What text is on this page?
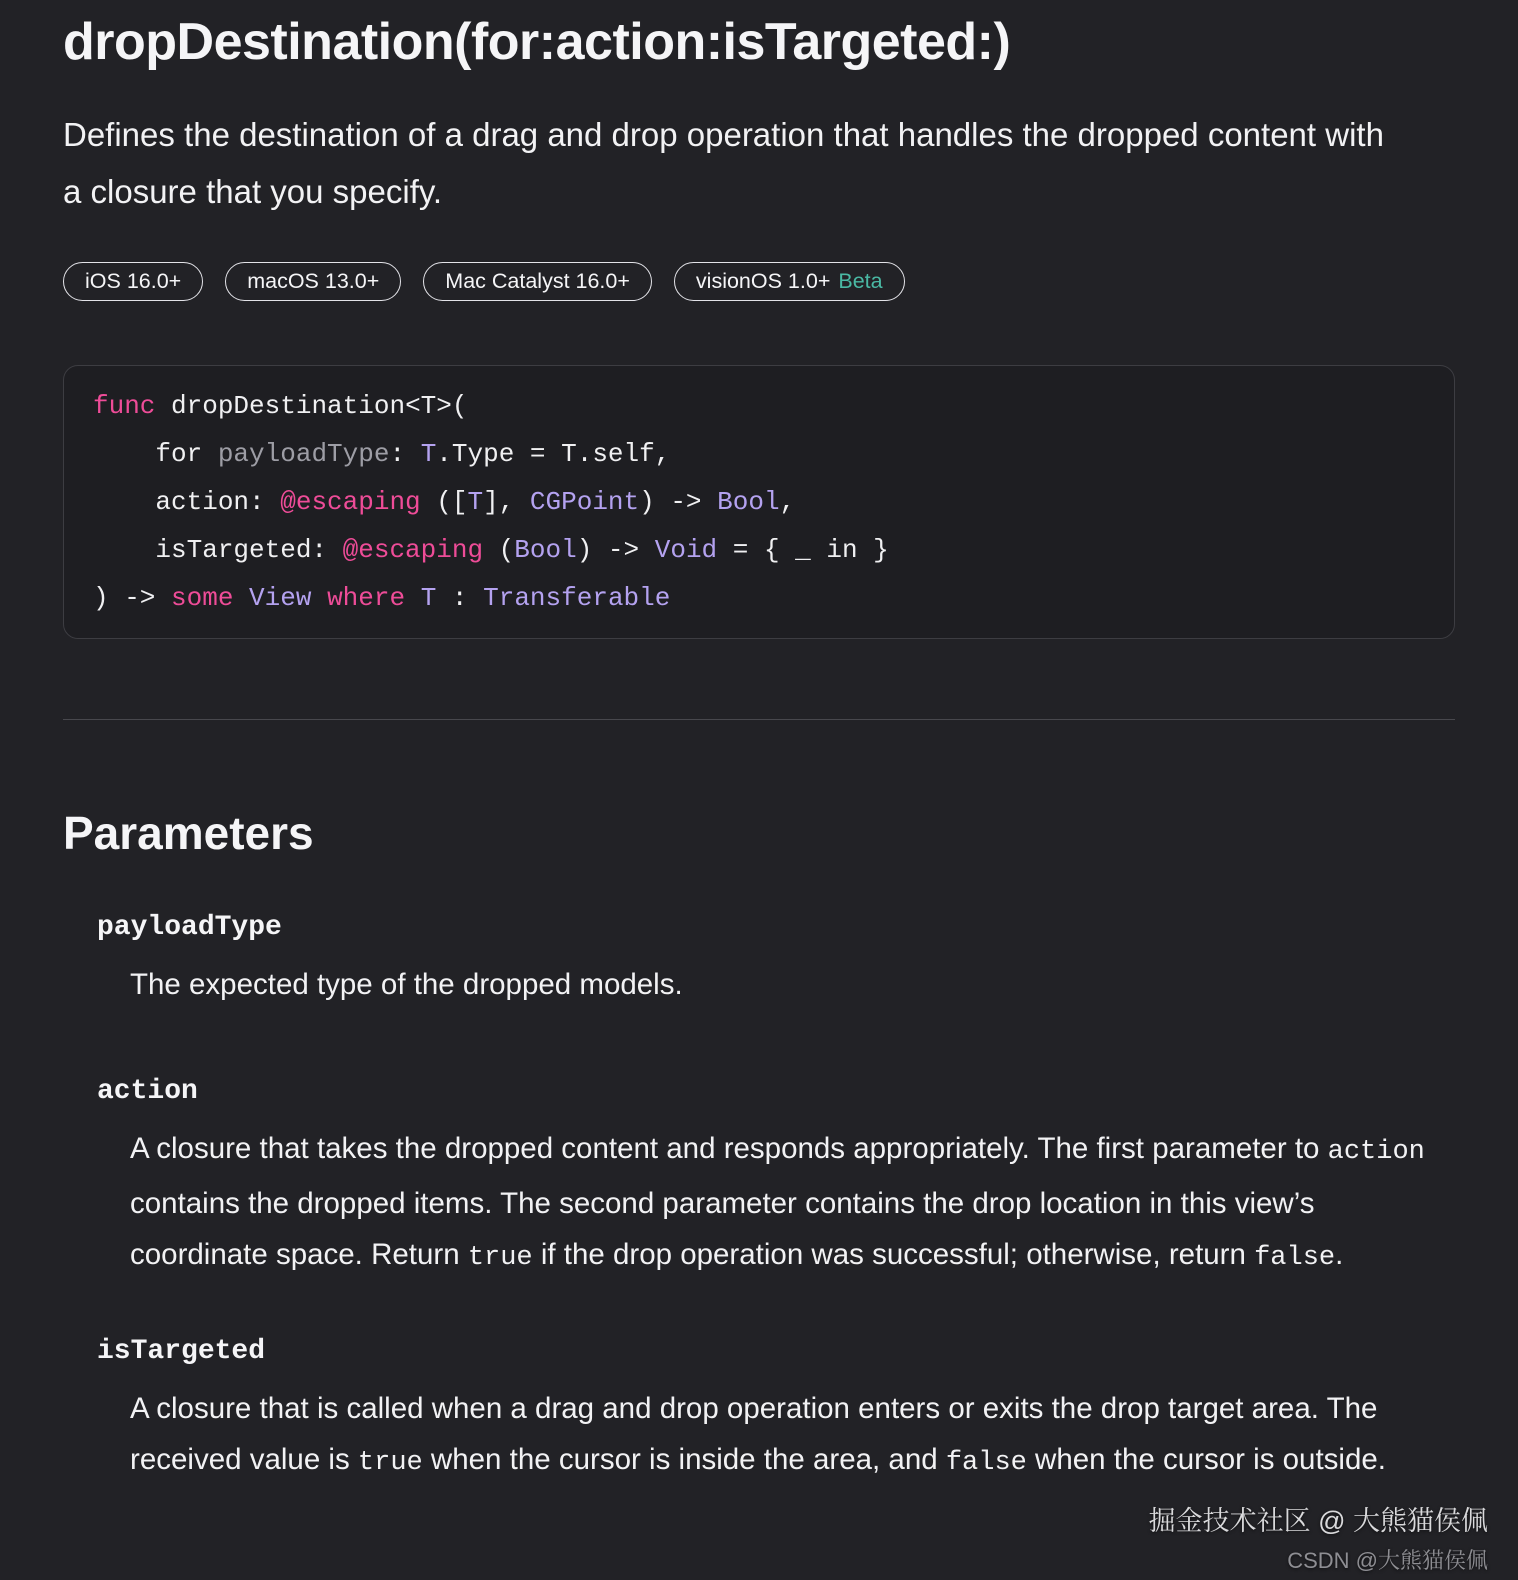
dropDestination(for:action:isTargeted:)

Defines the destination of a drag and drop operation that handles the dropped content with a closure that you specify.

iOS 16.0+	macOS 13.0+	Mac Catalyst 16.0+	visionOS 1.0+ Beta
func dropDestination<T>(
for payloadType: T.Type = T.self,
action: @escaping ([T], CGPoint) -> Bool,
isTargeted: @escaping (Bool) -> Void = { _ in }
) -> some View where T : Transferable
Parameters
payloadType

The expected type of the dropped models.

action

A closure that takes the dropped content and responds appropriately. The first parameter to action contains the dropped items. The second parameter contains the drop location in this view’s coordinate space. Return true if the drop operation was successful; otherwise, return false.

isTargeted

A closure that is called when a drag and drop operation enters or exits the drop target area. The received value is true when the cursor is inside the area, and false when the cursor is outside.

掘金技术社区 @ 大熊猫侯佩
CSDN @大熊猫侯佩
